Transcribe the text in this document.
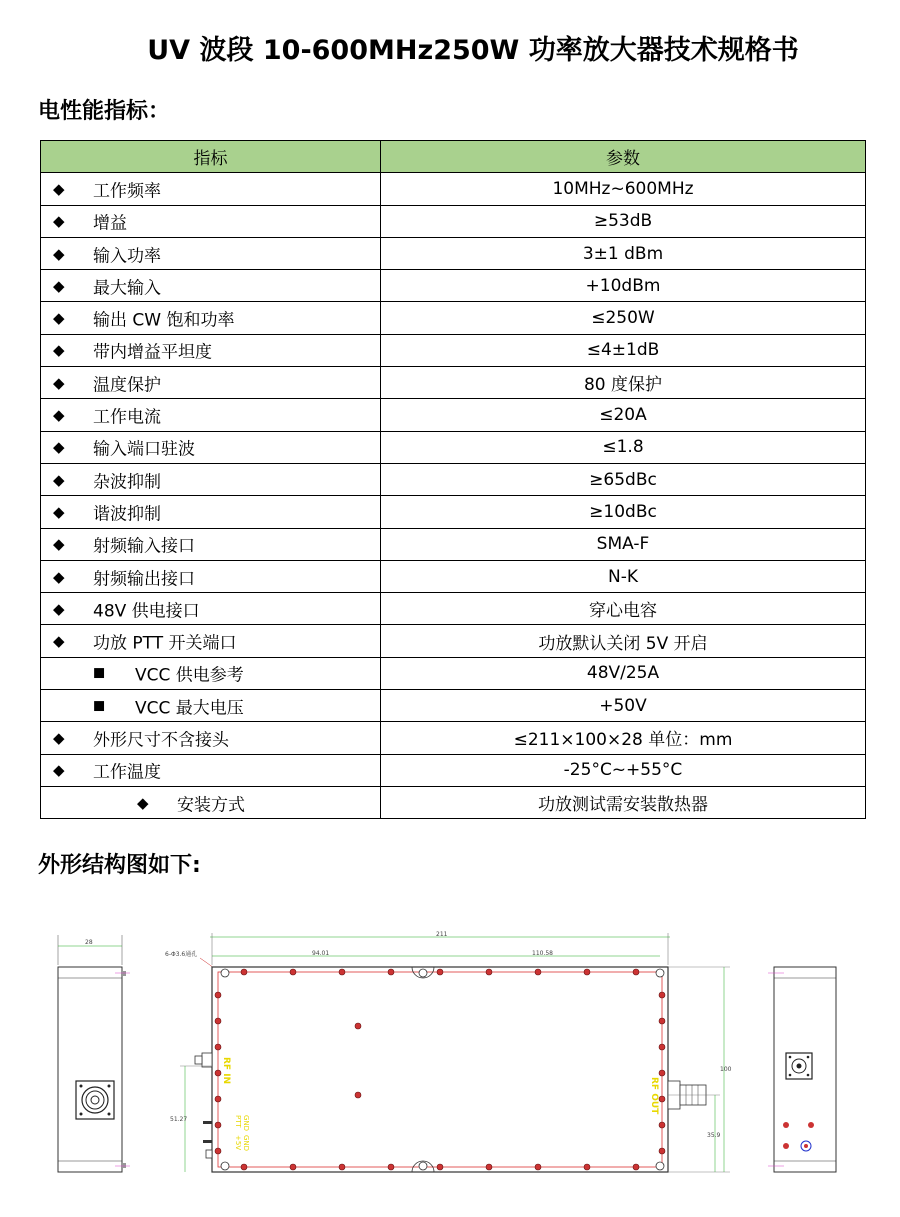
UV 波段 10-600MHz250W 功率放大器技术规格书
电性能指标：
指标	参数

◆ 工作频率	10MHz~600MHz

◆ 增益	≥53dB

◆ 输入功率	3±1 dBm

◆ 最大输入	+10dBm

◆ 输出 CW 饱和功率	≤250W

◆ 带内增益平坦度	≤4±1dB

◆ 温度保护	80 度保护

◆ 工作电流	≤20A

◆ 输入端口驻波	≤1.8

◆ 杂波抑制	≥65dBc

◆ 谐波抑制	≥10dBc

◆ 射频输入接口	SMA-F

◆ 射频输出接口	N-K

◆ 48V 供电接口	穿心电容

◆ 功放 PTT 开关端口	功放默认关闭 5V 开启

■ VCC 供电参考	48V/25A

■ VCC 最大电压	+50V

◆ 外形尺寸不含接头	≤211×100×28 单位：mm

◆ 工作温度	-25°C~+55°C

◆ 安装方式	功放测试需安装散热器
外形结构图如下:
28
211
94.01	110.58
6-Φ3.6通孔
51.27
RF IN
PTT GND
+5V GND
RF OUT
100
35.9
